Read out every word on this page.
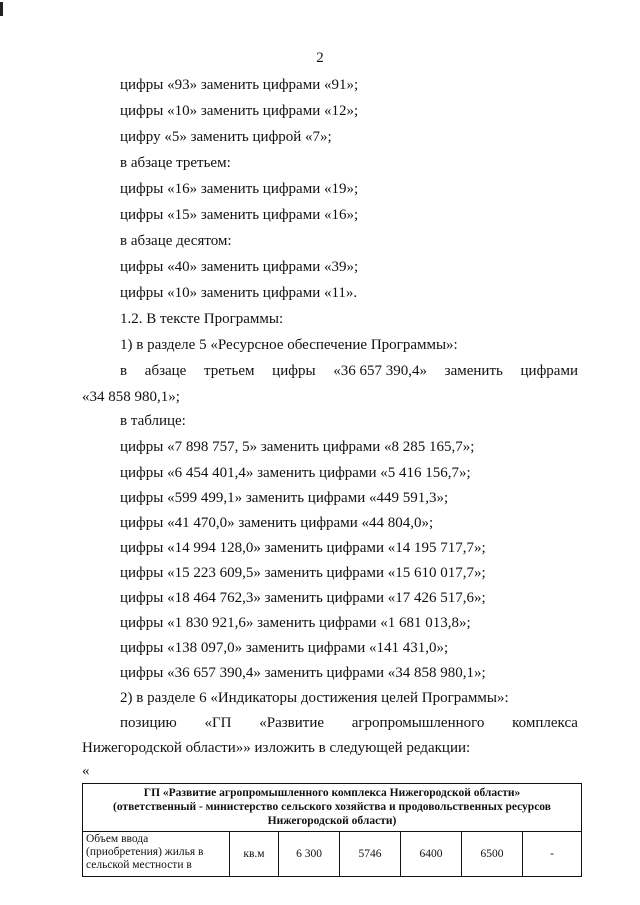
2
цифры «93» заменить цифрами «91»;
цифры «10» заменить цифрами «12»;
цифру «5» заменить цифрой «7»;
в абзаце третьем:
цифры «16» заменить цифрами «19»;
цифры «15» заменить цифрами «16»;
в абзаце десятом:
цифры «40» заменить цифрами «39»;
цифры «10» заменить цифрами «11».
1.2. В тексте Программы:
1) в разделе 5 «Ресурсное обеспечение Программы»:
в абзаце третьем цифры «36 657 390,4» заменить цифрами
«34 858 980,1»;
в таблице:
цифры «7 898 757, 5» заменить цифрами «8 285 165,7»;
цифры «6 454 401,4» заменить цифрами «5 416 156,7»;
цифры «599 499,1» заменить цифрами «449 591,3»;
цифры «41 470,0» заменить цифрами «44 804,0»;
цифры «14 994 128,0» заменить цифрами «14 195 717,7»;
цифры «15 223 609,5» заменить цифрами «15 610 017,7»;
цифры «18 464 762,3» заменить цифрами «17 426 517,6»;
цифры «1 830 921,6» заменить цифрами «1 681 013,8»;
цифры «138 097,0» заменить цифрами «141 431,0»;
цифры «36 657 390,4» заменить цифрами «34 858 980,1»;
2) в разделе 6 «Индикаторы достижения целей Программы»:
позицию «ГП «Развитие агропромышленного комплекса
Нижегородской области»» изложить в следующей редакции:
«
ГП «Развитие агропромышленного комплекса Нижегородской области»
(ответственный - министерство сельского хозяйства и продовольственных ресурсов
Нижегородской области)
Объем ввода (приобретения) жилья в сельской местности в
кв.м	6 300	5746	6400	6500	-
